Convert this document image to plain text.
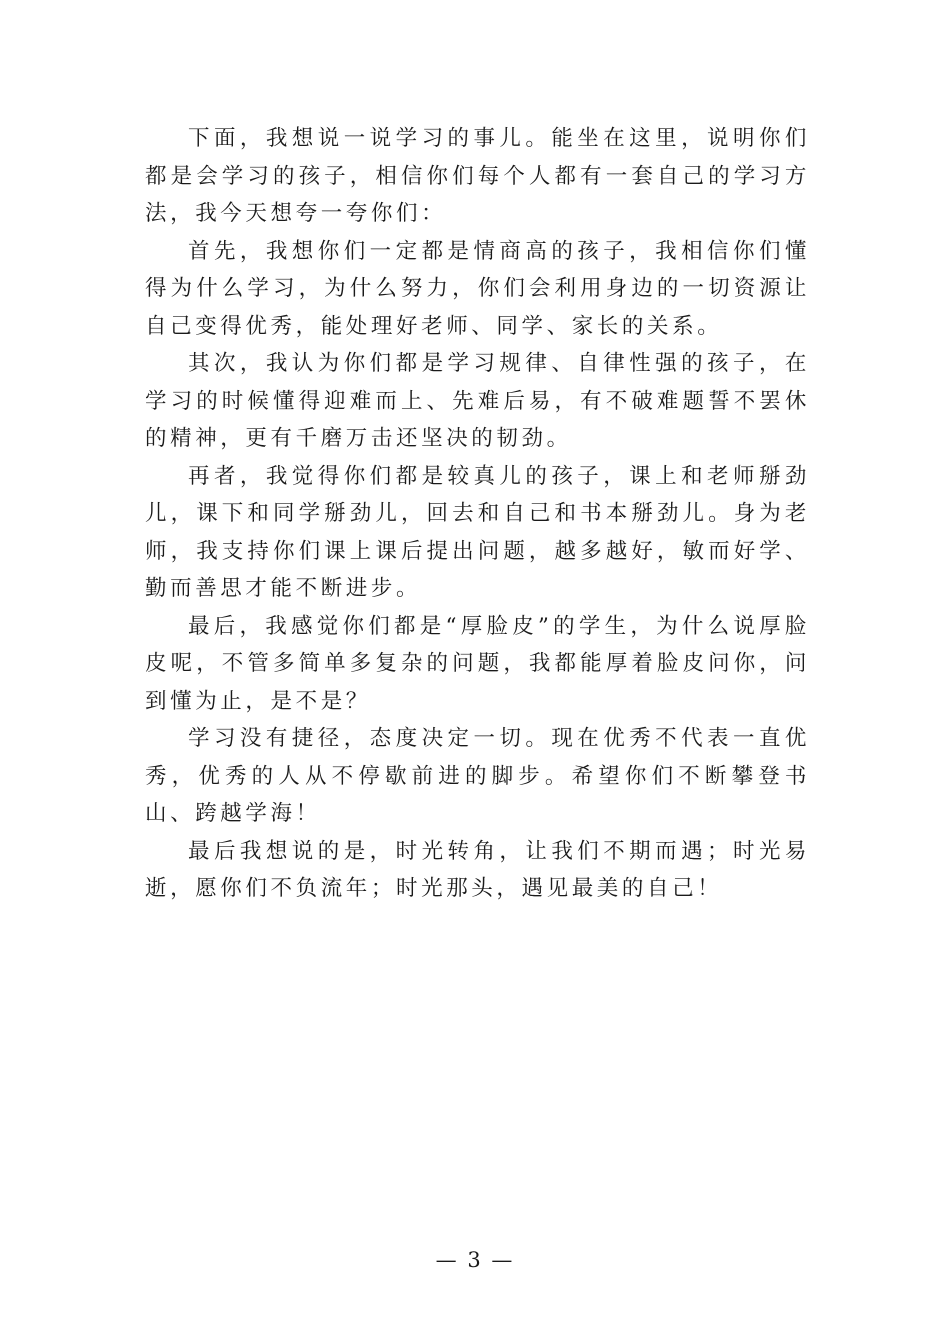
下面，我想说一说学习的事儿。能坐在这里，说明你们都是会学习的孩子，相信你们每个人都有一套自己的学习方法，我今天想夸一夸你们：

首先，我想你们一定都是情商高的孩子，我相信你们懂得为什么学习，为什么努力，你们会利用身边的一切资源让自己变得优秀，能处理好老师、同学、家长的关系。

其次，我认为你们都是学习规律、自律性强的孩子，在学习的时候懂得迎难而上、先难后易，有不破难题誓不罢休的精神，更有千磨万击还坚决的韧劲。

再者，我觉得你们都是较真儿的孩子，课上和老师掰劲儿，课下和同学掰劲儿，回去和自己和书本掰劲儿。身为老师，我支持你们课上课后提出问题，越多越好，敏而好学、勤而善思才能不断进步。

最后，我感觉你们都是“厚脸皮”的学生，为什么说厚脸皮呢，不管多简单多复杂的问题，我都能厚着脸皮问你，问到懂为止，是不是？

学习没有捷径，态度决定一切。现在优秀不代表一直优秀，优秀的人从不停歇前进的脚步。希望你们不断攀登书山、跨越学海！

最后我想说的是，时光转角，让我们不期而遇；时光易逝，愿你们不负流年；时光那头，遇见最美的自己！

— 3 —
